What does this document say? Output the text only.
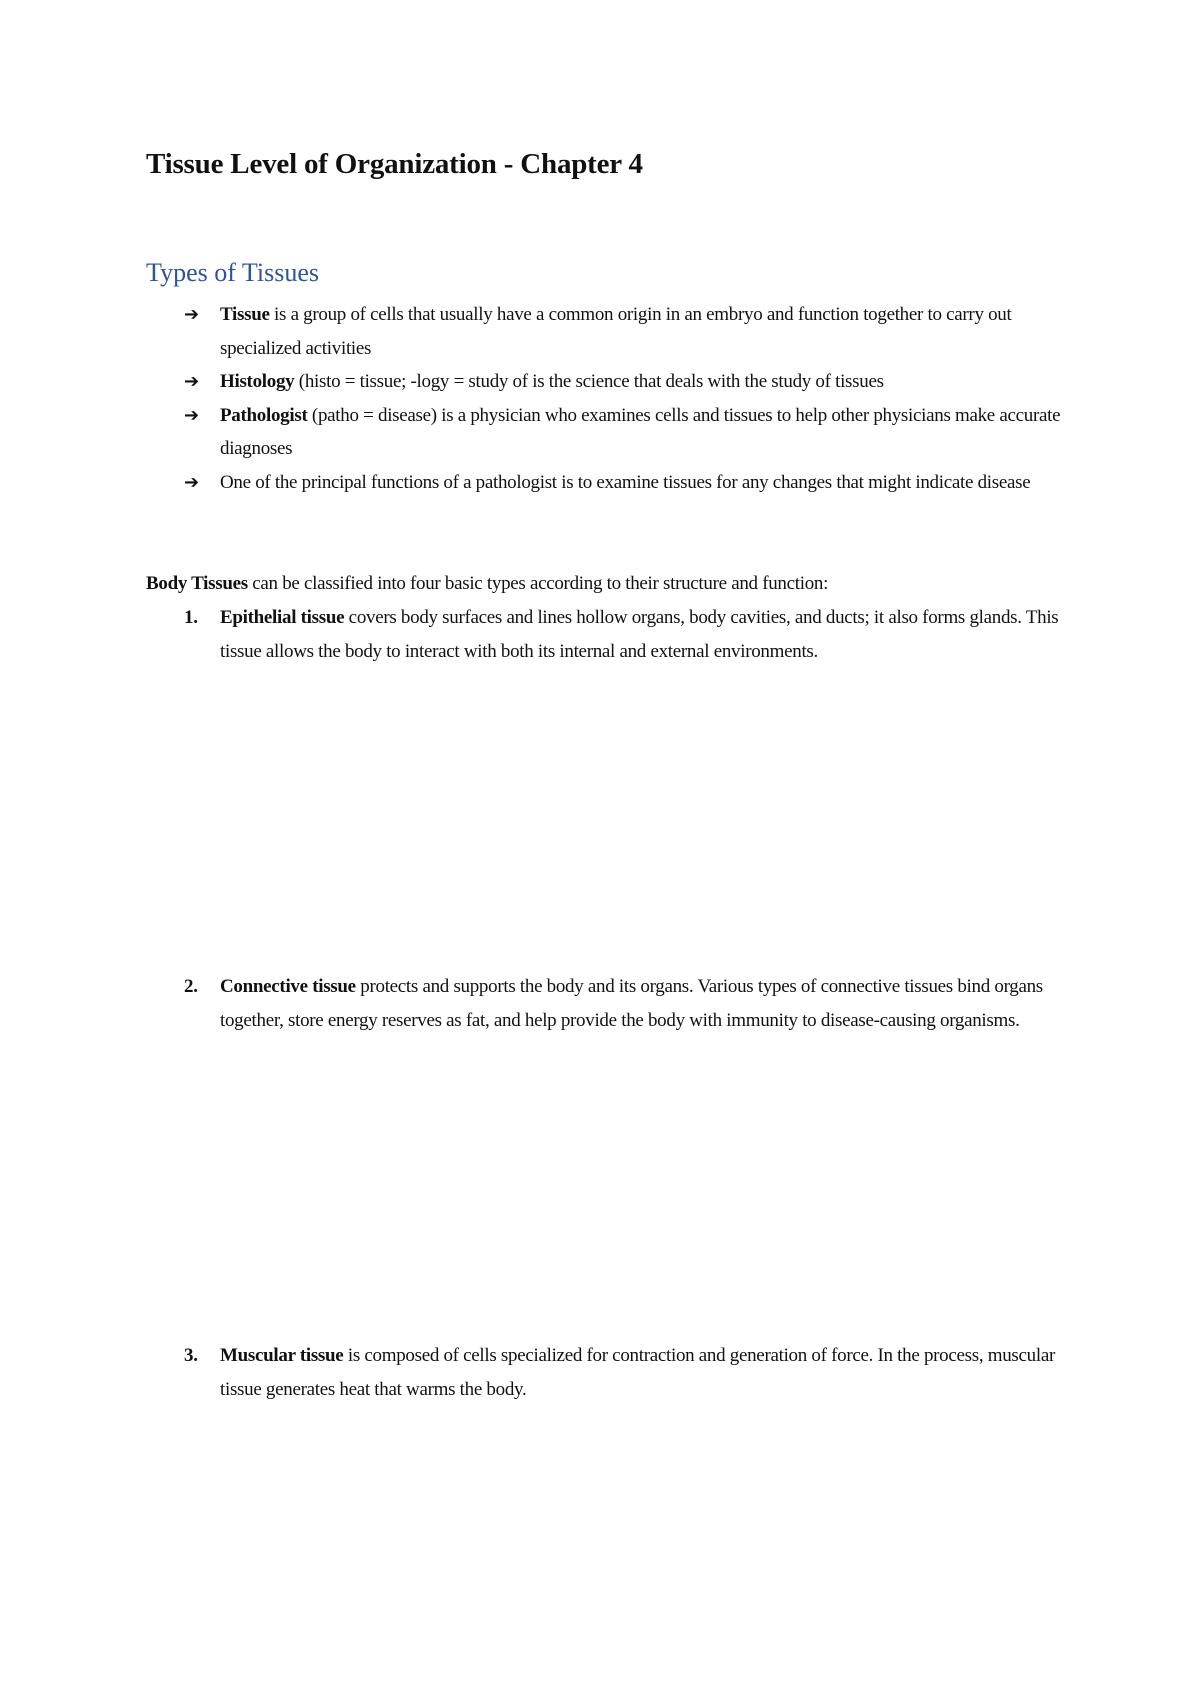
Tissue Level of Organization - Chapter 4
Types of Tissues
➔ Tissue is a group of cells that usually have a common origin in an embryo and function together to carry out specialized activities
➔ Histology (histo = tissue; -logy = study of is the science that deals with the study of tissues
➔ Pathologist (patho = disease) is a physician who examines cells and tissues to help other physicians make accurate diagnoses
➔ One of the principal functions of a pathologist is to examine tissues for any changes that might indicate disease

Body Tissues can be classified into four basic types according to their structure and function:

1. Epithelial tissue covers body surfaces and lines hollow organs, body cavities, and ducts; it also forms glands. This tissue allows the body to interact with both its internal and external environments.

2. Connective tissue protects and supports the body and its organs. Various types of connective tissues bind organs together, store energy reserves as fat, and help provide the body with immunity to disease-causing organisms.

3. Muscular tissue is composed of cells specialized for contraction and generation of force. In the process, muscular tissue generates heat that warms the body.
